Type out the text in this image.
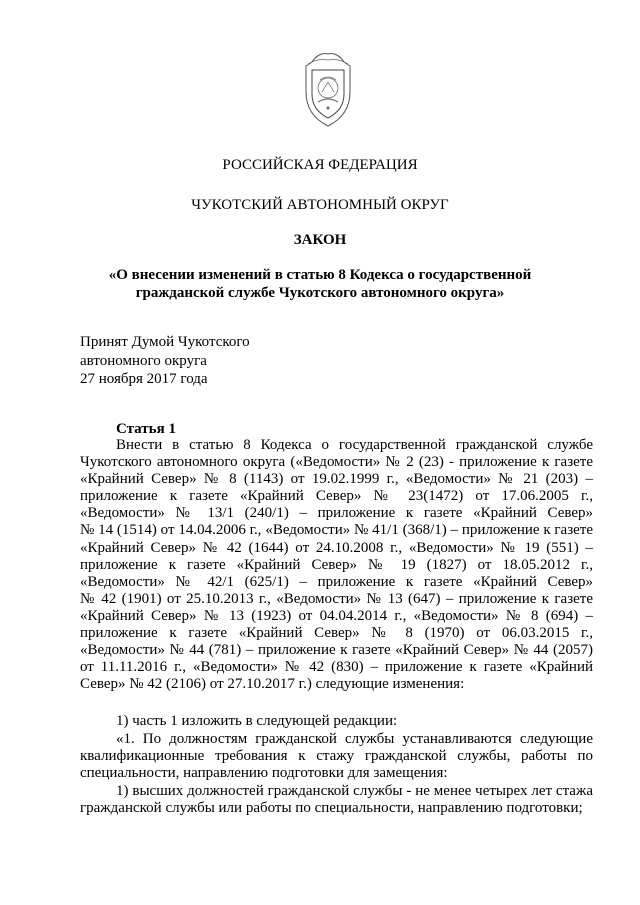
РОССИЙСКАЯ ФЕДЕРАЦИЯ
ЧУКОТСКИЙ АВТОНОМНЫЙ ОКРУГ
ЗАКОН
«О внесении изменений в статью 8 Кодекса о государственной
гражданской службе Чукотского автономного округа»
Принят Думой Чукотского
автономного округа
27 ноября 2017 года
Статья 1
Внести в статью 8 Кодекса о государственной гражданской службе
Чукотского автономного округа («Ведомости» № 2 (23) - приложение к газете
«Крайний Север» № 8 (1143) от 19.02.1999 г., «Ведомости» № 21 (203) –
приложение к газете «Крайний Север» № 23(1472) от 17.06.2005 г.,
«Ведомости» № 13/1 (240/1) – приложение к газете «Крайний Север»
№ 14 (1514) от 14.04.2006 г., «Ведомости» № 41/1 (368/1) – приложение к газете
«Крайний Север» № 42 (1644) от 24.10.2008 г., «Ведомости» № 19 (551) –
приложение к газете «Крайний Север» № 19 (1827) от 18.05.2012 г.,
«Ведомости» № 42/1 (625/1) – приложение к газете «Крайний Север»
№ 42 (1901) от 25.10.2013 г., «Ведомости» № 13 (647) – приложение к газете
«Крайний Север» № 13 (1923) от 04.04.2014 г., «Ведомости» № 8 (694) –
приложение к газете «Крайний Север» № 8 (1970) от 06.03.2015 г.,
«Ведомости» № 44 (781) – приложение к газете «Крайний Север» № 44 (2057)
от 11.11.2016 г., «Ведомости» № 42 (830) – приложение к газете «Крайний
Север» № 42 (2106) от 27.10.2017 г.) следующие изменения:
1) часть 1 изложить в следующей редакции:
«1. По должностям гражданской службы устанавливаются следующие
квалификационные требования к стажу гражданской службы, работы по
специальности, направлению подготовки для замещения:
1) высших должностей гражданской службы - не менее четырех лет стажа
гражданской службы или работы по специальности, направлению подготовки;
